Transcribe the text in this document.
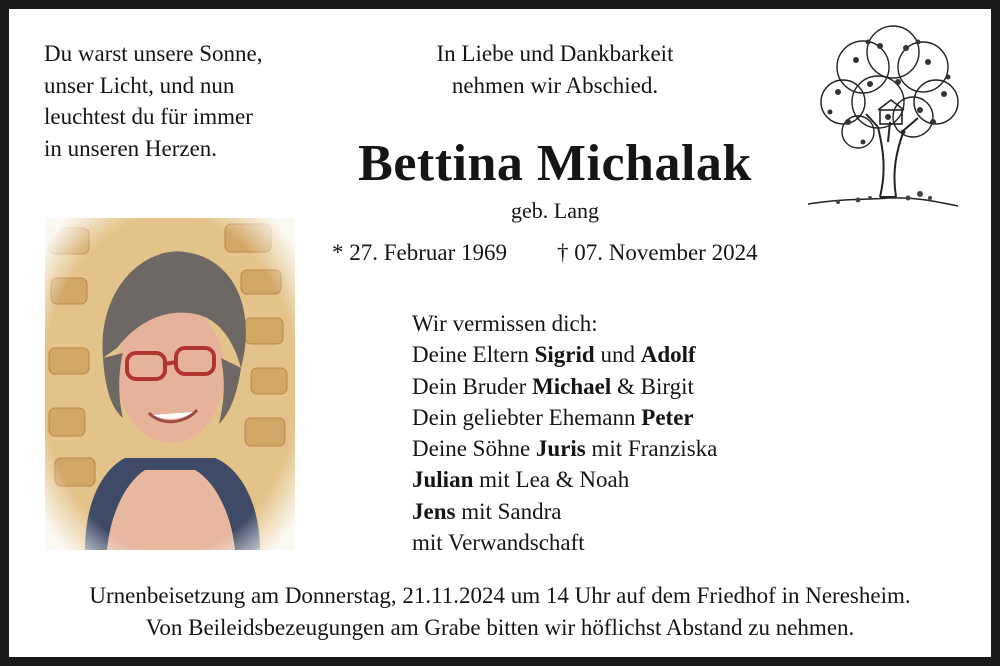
Du warst unsere Sonne,
unser Licht, und nun
leuchtest du für immer
in unseren Herzen.
In Liebe und Dankbarkeit
nehmen wir Abschied.
Bettina Michalak
geb. Lang
* 27. Februar 1969 † 07. November 2024
Wir vermissen dich:
Deine Eltern Sigrid und Adolf
Dein Bruder Michael & Birgit
Dein geliebter Ehemann Peter
Deine Söhne Juris mit Franziska
Julian mit Lea & Noah
Jens mit Sandra
mit Verwandschaft
Urnenbeisetzung am Donnerstag, 21.11.2024 um 14 Uhr auf dem Friedhof in Neresheim.
Von Beileidsbezeugungen am Grabe bitten wir höflichst Abstand zu nehmen.
